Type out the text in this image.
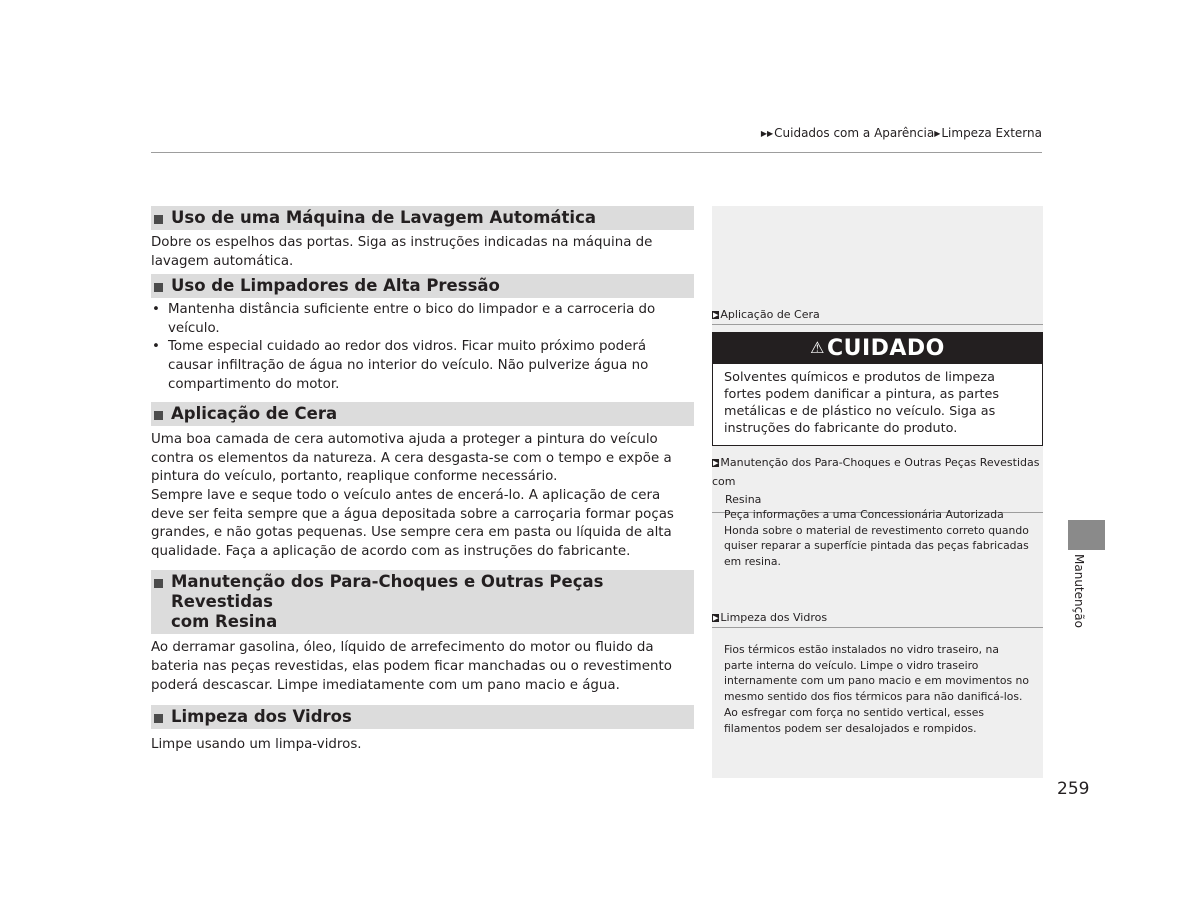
▶▶Cuidados com a Aparência▶Limpeza Externa
Uso de uma Máquina de Lavagem Automática

Dobre os espelhos das portas. Siga as instruções indicadas na máquina de lavagem automática.

Uso de Limpadores de Alta Pressão
• Mantenha distância suficiente entre o bico do limpador e a carroceria do veículo.
• Tome especial cuidado ao redor dos vidros. Ficar muito próximo poderá causar infiltração de água no interior do veículo. Não pulverize água no compartimento do motor.
Aplicação de Cera

Uma boa camada de cera automotiva ajuda a proteger a pintura do veículo contra os elementos da natureza. A cera desgasta-se com o tempo e expõe a pintura do veículo, portanto, reaplique conforme necessário.

Sempre lave e seque todo o veículo antes de encerá-lo. A aplicação de cera deve ser feita sempre que a água depositada sobre a carroçaria formar poças grandes, e não gotas pequenas. Use sempre cera em pasta ou líquida de alta qualidade. Faça a aplicação de acordo com as instruções do fabricante.

Manutenção dos Para-Choques e Outras Peças Revestidas
com Resina

Ao derramar gasolina, óleo, líquido de arrefecimento do motor ou fluido da bateria nas peças revestidas, elas podem ficar manchadas ou o revestimento poderá descascar. Limpe imediatamente com um pano macio e água.

Limpeza dos Vidros

Limpe usando um limpa-vidros.

▶ Aplicação de Cera
⚠CUIDADO
Solventes químicos e produtos de limpeza fortes podem danificar a pintura, as partes metálicas e de plástico no veículo. Siga as instruções do fabricante do produto.
▶ Manutenção dos Para-Choques e Outras Peças Revestidas com
Resina
Peça informações a uma Concessionária Autorizada Honda sobre o material de revestimento correto quando quiser reparar a superfície pintada das peças fabricadas em resina.
▶ Limpeza dos Vidros
Fios térmicos estão instalados no vidro traseiro, na parte interna do veículo. Limpe o vidro traseiro internamente com um pano macio e em movimentos no mesmo sentido dos fios térmicos para não danificá-los. Ao esfregar com força no sentido vertical, esses filamentos podem ser desalojados e rompidos.
Manutenção
259
